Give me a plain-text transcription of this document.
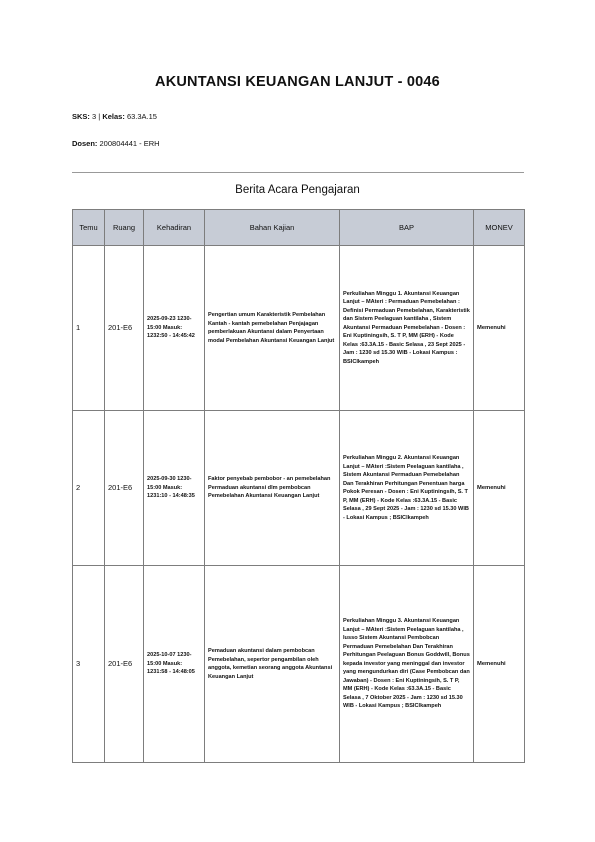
AKUNTANSI KEUANGAN LANJUT - 0046
SKS: 3 | Kelas: 63.3A.15
Dosen: 200804441 - ERH
Berita Acara Pengajaran
Temu	Ruang	Kehadiran	Bahan Kajian	BAP	MONEV
1	201-E6	2025-09-23 1230-15:00 Masuk: 1232:50 - 14:45:42	Pengertian umum Karakteristik Pembelahan Kantah - kantah pemebelahan Penjajagan pemberlakuan Akuntansi dalam Penyertaan modal Pembelahan Akuntansi Keuangan Lanjut	Perkuliahan Minggu 1. Akuntansi Keuangan Lanjut – MAteri : Permaduan Pemebelahan : Definisi Permaduan Pemebelahan, Karakteristik dan Sistem Peelaguan kantilaha , Sistem Akuntansi Permaduan Pemebelahan - Dosen : Eni Kuptiningsih, S. T P, MM (ERH) - Kode Kelas :63.3A.15 - Basic Selasa , 23 Sept 2025 - Jam : 1230 sd 15.30 WIB - Lokasi Kampus : BSIClkampeh	Memenuhi
2	201-E6	2025-09-30 1230-15:00 Masuk: 1231:10 - 14:48:35	Faktor penyebab pembobor - an pemebelahan Permaduan akuntansi dlm pembobcan Pemebelahan Akuntansi Keuangan Lanjut	Perkuliahan Minggu 2. Akuntansi Keuangan Lanjut – MAteri :Sistem Peelaguan kantilaha , Sistem Akuntansi Permaduan Pemebelahan Dan Terakhiran Perhitungan Penentuan harga Pokok Peresan - Dosen : Eni Kuptiningsih, S. T P, MM (ERH) - Kode Kelas :63.3A.15 - Basic Selasa , 29 Sept 2025 - Jam : 1230 sd 15.30 WIB - Lokasi Kampus ; BSIClkampeh	Memenuhi
3	201-E6	2025-10-07 1230-15:00 Masuk: 1231:58 - 14:48:05	Pemaduan akuntansi dalam pembobcan Pemebelahan, sepertor pengambilan oleh anggota, kemetian seorang anggota Akuntansi Keuangan Lanjut	Perkuliahan Minggu 3. Akuntansi Keuangan Lanjut – MAteri :Sistem Peelaguan kantilaha , lusso Sistem Akuntansi Pembobcan Permaduan Pemebelahan Dan Terakhiran Perhitungan Peelaguan Bonus Goddwill, Bonus kepada investor yang meninggal dan investor yang mengundurkan diri (Case Pembobcan dan Jawaban) - Dosen : Eni Kuptiningsih, S. T P, MM (ERH) - Kode Kelas :63.3A.15 - Basic Selasa , 7 Oktober 2025 - Jam : 1230 sd 15.30 WIB - Lokasi Kampus ; BSIClkampeh	Memenuhi
